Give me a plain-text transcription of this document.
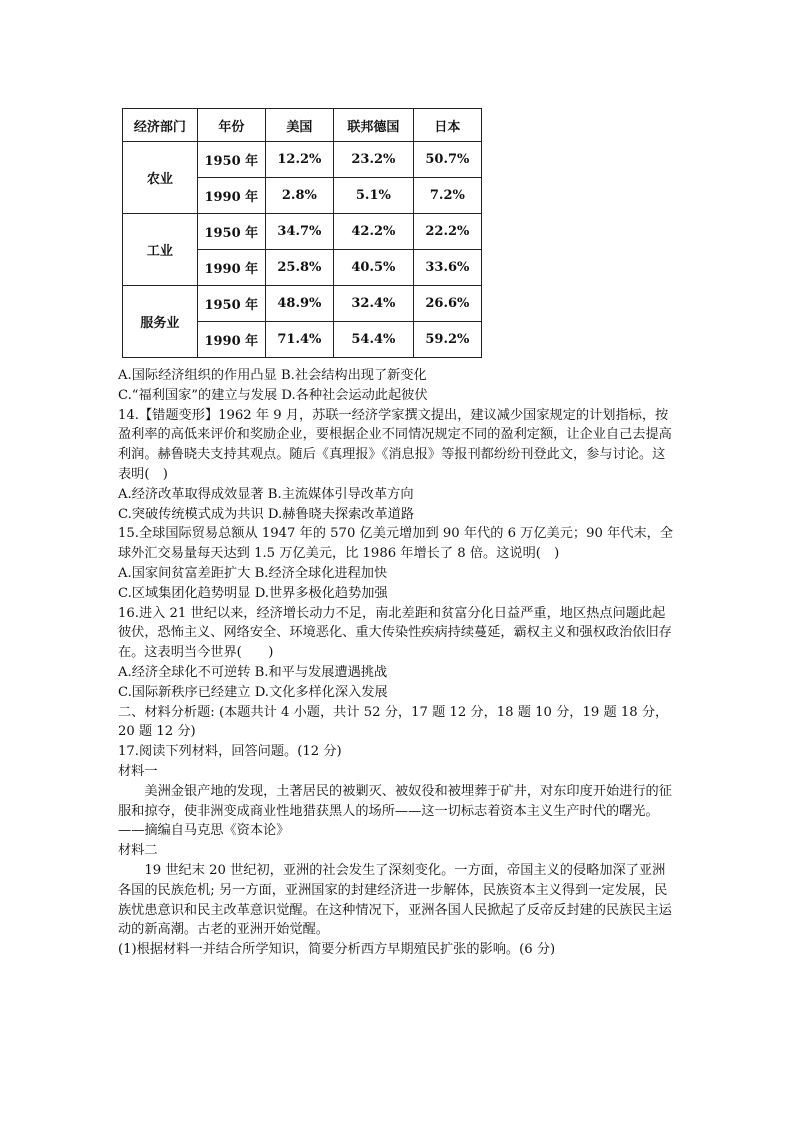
经济部门	年份	美国	联邦德国	日本
农业	1950 年	12.2%	23.2%	50.7%
	1990 年	2.8%	5.1%	7.2%
工业	1950 年	34.7%	42.2%	22.2%
	1990 年	25.8%	40.5%	33.6%
服务业	1950 年	48.9%	32.4%	26.6%
	1990 年	71.4%	54.4%	59.2%

A.国际经济组织的作用凸显 B.社会结构出现了新变化

C.“福利国家”的建立与发展 D.各种社会运动此起彼伏

14.【错题变形】1962 年 9 月，苏联一经济学家撰文提出，建议减少国家规定的计划指标，按盈利率的高低来评价和奖励企业，要根据企业不同情况规定不同的盈利定额，让企业自己去提高利润。赫鲁晓夫支持其观点。随后《真理报》《消息报》等报刊都纷纷刊登此文，参与讨论。这表明(　)

A.经济改革取得成效显著 B.主流媒体引导改革方向

C.突破传统模式成为共识 D.赫鲁晓夫探索改革道路

15.全球国际贸易总额从 1947 年的 570 亿美元增加到 90 年代的 6 万亿美元；90 年代末，全球外汇交易量每天达到 1.5 万亿美元，比 1986 年增长了 8 倍。这说明(　)

A.国家间贫富差距扩大 B.经济全球化进程加快

C.区域集团化趋势明显 D.世界多极化趋势加强

16.进入 21 世纪以来，经济增长动力不足，南北差距和贫富分化日益严重，地区热点问题此起彼伏，恐怖主义、网络安全、环境恶化、重大传染性疾病持续蔓延，霸权主义和强权政治依旧存在。这表明当今世界(　　)

A.经济全球化不可逆转 B.和平与发展遭遇挑战

C.国际新秩序已经建立 D.文化多样化深入发展

二、材料分析题: (本题共计 4 小题，共计 52 分，17 题 12 分，18 题 10 分，19 题 18 分，20 题 12 分)

17.阅读下列材料，回答问题。(12 分)

材料一

美洲金银产地的发现，土著居民的被剿灭、被奴役和被埋葬于矿井，对东印度开始进行的征服和掠夺，使非洲变成商业性地猎获黑人的场所——这一切标志着资本主义生产时代的曙光。

——摘编自马克思《资本论》

材料二

19 世纪末 20 世纪初，亚洲的社会发生了深刻变化。一方面，帝国主义的侵略加深了亚洲各国的民族危机; 另一方面，亚洲国家的封建经济进一步解体，民族资本主义得到一定发展，民族忧患意识和民主改革意识觉醒。在这种情况下，亚洲各国人民掀起了反帝反封建的民族民主运动的新高潮。古老的亚洲开始觉醒。

(1)根据材料一并结合所学知识，简要分析西方早期殖民扩张的影响。(6 分)
